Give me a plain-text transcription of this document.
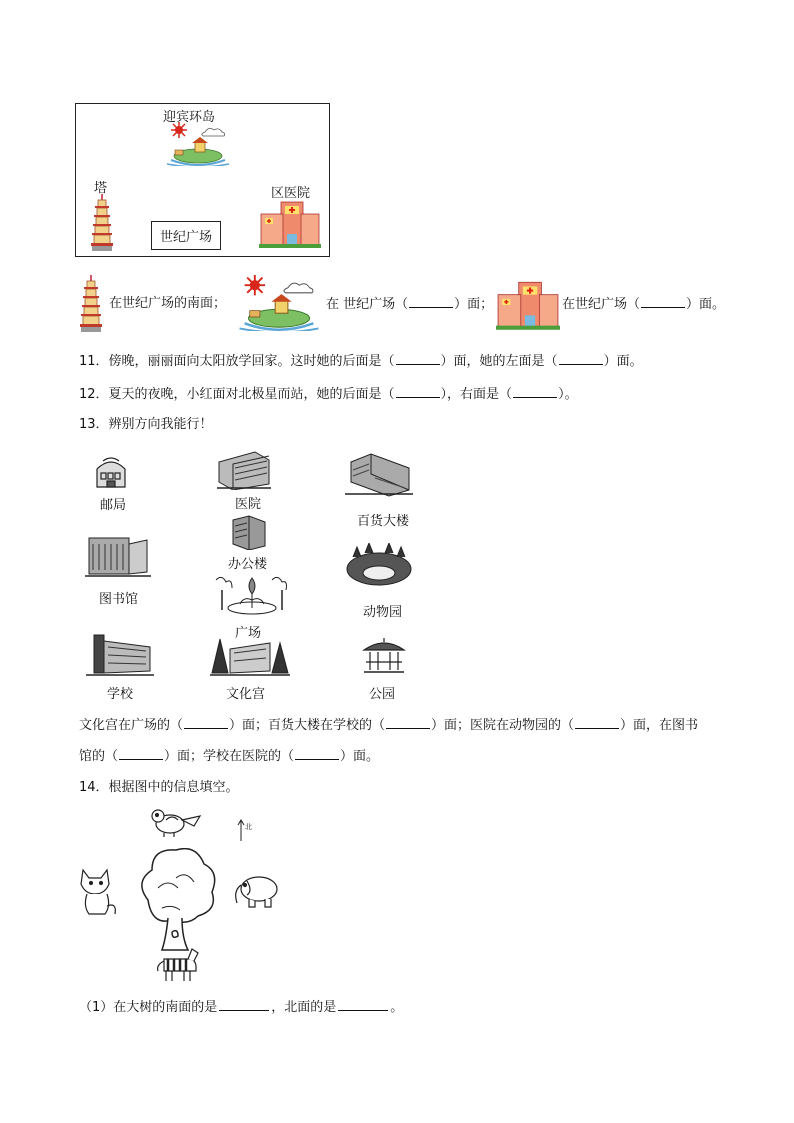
迎宾环岛
塔
世纪广场
区医院
在世纪广场的南面；	在 世纪广场（	）面；	在世纪广场（	）面。
11．傍晚，丽丽面向太阳放学回家。这时她的后面是（	）面，她的左面是（	）面。
12．夏天的夜晚，小红面对北极星而站，她的后面是（	），右面是（	）。
13．辨别方向我能行！
邮局	医院
百货大楼
办公楼
图书馆
动物园
广场
学校	文化宫	公园
文化宫在广场的（	）面；百货大楼在学校的（	）面；医院在动物园的（	）面，在图书
馆的（	）面；学校在医院的（	）面。
14．根据图中的信息填空。
北
（1）在大树的南面的是	，北面的是	。
